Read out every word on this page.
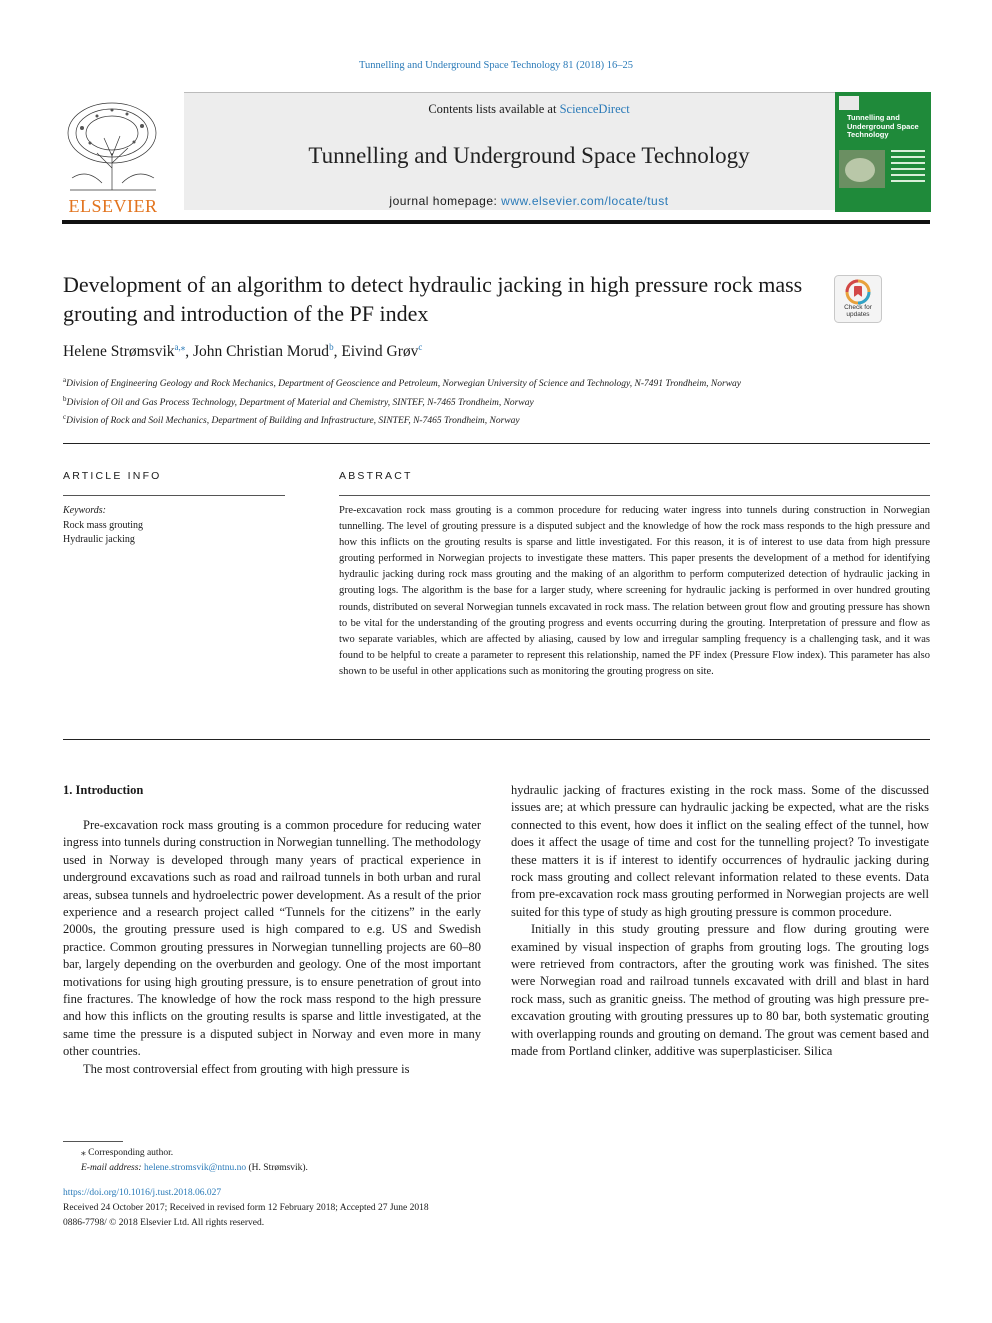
Tunnelling and Underground Space Technology 81 (2018) 16–25
ELSEVIER
Contents lists available at ScienceDirect
Tunnelling and Underground Space Technology
journal homepage: www.elsevier.com/locate/tust
Tunnelling and Underground Space Technology
Development of an algorithm to detect hydraulic jacking in high pressure rock mass grouting and introduction of the PF index	Check for updates
Helene Strømsvik$^{a,⁎}$, John Christian Morud$^b$, Eivind Grøv$^c$
$^a$Division of Engineering Geology and Rock Mechanics, Department of Geoscience and Petroleum, Norwegian University of Science and Technology, N-7491 Trondheim, Norway
$^b$Division of Oil and Gas Process Technology, Department of Material and Chemistry, SINTEF, N-7465 Trondheim, Norway
$^c$Division of Rock and Soil Mechanics, Department of Building and Infrastructure, SINTEF, N-7465 Trondheim, Norway
ARTICLE INFO	ABSTRACT
Keywords:
Rock mass grouting
Hydraulic jacking
Pre-excavation rock mass grouting is a common procedure for reducing water ingress into tunnels during construction in Norwegian tunnelling. The level of grouting pressure is a disputed subject and the knowledge of how the rock mass responds to the high pressure and how this inflicts on the grouting results is sparse and little investigated. For this reason, it is of interest to use data from high pressure grouting performed in Norwegian projects to investigate these matters. This paper presents the development of a method for identifying hydraulic jacking during rock mass grouting and the making of an algorithm to perform computerized detection of hydraulic jacking in grouting logs. The algorithm is the base for a larger study, where screening for hydraulic jacking is performed in over hundred grouting rounds, distributed on several Norwegian tunnels excavated in rock mass. The relation between grout flow and grouting pressure has shown to be vital for the understanding of the grouting progress and events occurring during the grouting. Interpretation of pressure and flow as two separate variables, which are affected by aliasing, caused by low and irregular sampling frequency is a challenging task, and it was found to be helpful to create a parameter to represent this relationship, named the PF index (Pressure Flow index). This parameter has also shown to be useful in other applications such as monitoring the grouting progress on site.
1. Introduction

Pre-excavation rock mass grouting is a common procedure for reducing water ingress into tunnels during construction in Norwegian tunnelling. The methodology used in Norway is developed through many years of practical experience in underground excavations such as road and railroad tunnels in both urban and rural areas, subsea tunnels and hydroelectric power development. As a result of the prior experience and a research project called “Tunnels for the citizens” in the early 2000s, the grouting pressure used is high compared to e.g. US and Swedish practice. Common grouting pressures in Norwegian tunnelling projects are 60–80 bar, largely depending on the overburden and geology. One of the most important motivations for using high grouting pressure, is to ensure penetration of grout into fine fractures. The knowledge of how the rock mass respond to the high pressure and how this inflicts on the grouting results is sparse and little investigated, at the same time the pressure is a disputed subject in Norway and even more in many other countries.

The most controversial effect from grouting with high pressure is

hydraulic jacking of fractures existing in the rock mass. Some of the discussed issues are; at which pressure can hydraulic jacking be expected, what are the risks connected to this event, how does it inflict on the sealing effect of the tunnel, how does it affect the usage of time and cost for the tunnelling project? To investigate these matters it is if interest to identify occurrences of hydraulic jacking during rock mass grouting and collect relevant information related to these events. Data from pre-excavation rock mass grouting performed in Norwegian projects are well suited for this type of study as high grouting pressure is common procedure.

Initially in this study grouting pressure and flow during grouting were examined by visual inspection of graphs from grouting logs. The grouting logs were retrieved from contractors, after the grouting work was finished. The sites were Norwegian road and railroad tunnels excavated with drill and blast in hard rock mass, such as granitic gneiss. The method of grouting was high pressure pre-excavation grouting with grouting pressures up to 80 bar, both systematic grouting with overlapping rounds and grouting on demand. The grout was cement based and made from Portland clinker, additive was superplasticiser. Silica

⁎ Corresponding author.
E-mail address: helene.stromsvik@ntnu.no (H. Strømsvik).
https://doi.org/10.1016/j.tust.2018.06.027
Received 24 October 2017; Received in revised form 12 February 2018; Accepted 27 June 2018
0886-7798/ © 2018 Elsevier Ltd. All rights reserved.
